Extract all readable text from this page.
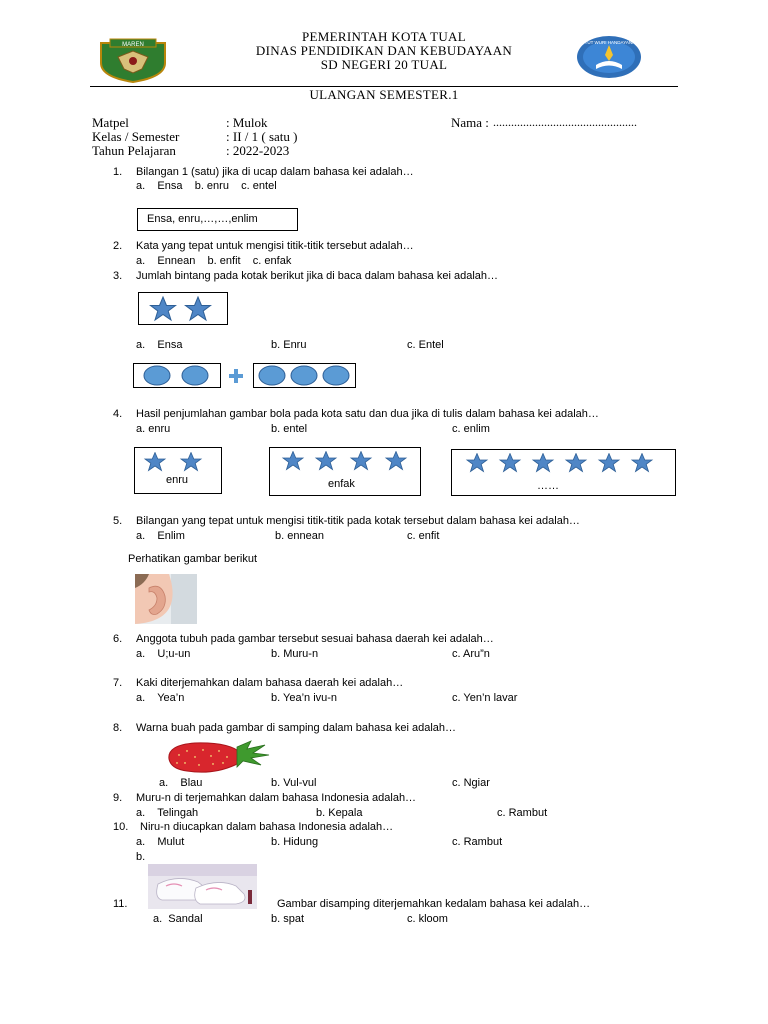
MAREN	TUT WURI HANDAYANI
PEMERINTAH KOTA TUAL
DINAS PENDIDIKAN DAN KEBUDAYAAN
SD NEGERI 20 TUAL
ULANGAN SEMESTER.1
Matpel	: Mulok	Nama : ................................................
Kelas / Semester	: II / 1 ( satu )
Tahun Pelajaran	: 2022-2023
1. Bilangan 1 (satu) jika di ucap dalam bahasa kei adalah…
a.    Ensa    b. enru    c. entel
Ensa, enru,…,…,enlim
2. Kata yang tepat untuk mengisi titik-titik tersebut adalah…
a.    Ennean    b. enfit    c. enfak
3. Jumlah bintang pada kotak berikut jika di baca dalam bahasa kei adalah…
a.    Ensa	b. Enru	c. Entel
4. Hasil penjumlahan gambar bola pada kota satu dan dua jika di tulis dalam bahasa kei adalah…
a. enru	b. entel	c. enlim
enru	enfak	……
5. Bilangan yang tepat untuk mengisi titik-titik pada kotak tersebut dalam bahasa kei adalah…
a.    Enlim	b. ennean	c. enfit
Perhatikan gambar berikut
6. Anggota tubuh pada gambar tersebut sesuai bahasa daerah kei adalah…
a.    U;u-un	b. Muru-n	c. Aru”n
7. Kaki diterjemahkan dalam bahasa daerah kei adalah…
a.    Yea’n	b. Yea’n ivu-n	c. Yen’n lavar
8. Warna buah pada gambar di samping dalam bahasa kei adalah…
a.    Blau	b. Vul-vul	c. Ngiar
9. Muru-n di terjemahkan dalam bahasa Indonesia adalah…
a.    Telingah	b. Kepala	c. Rambut
10. Niru-n diucapkan dalam bahasa Indonesia adalah…
a.    Mulut	b. Hidung	c. Rambut
b.
11.	Gambar disamping diterjemahkan kedalam bahasa kei adalah…
a.  Sandal	b. spat	c. kloom
